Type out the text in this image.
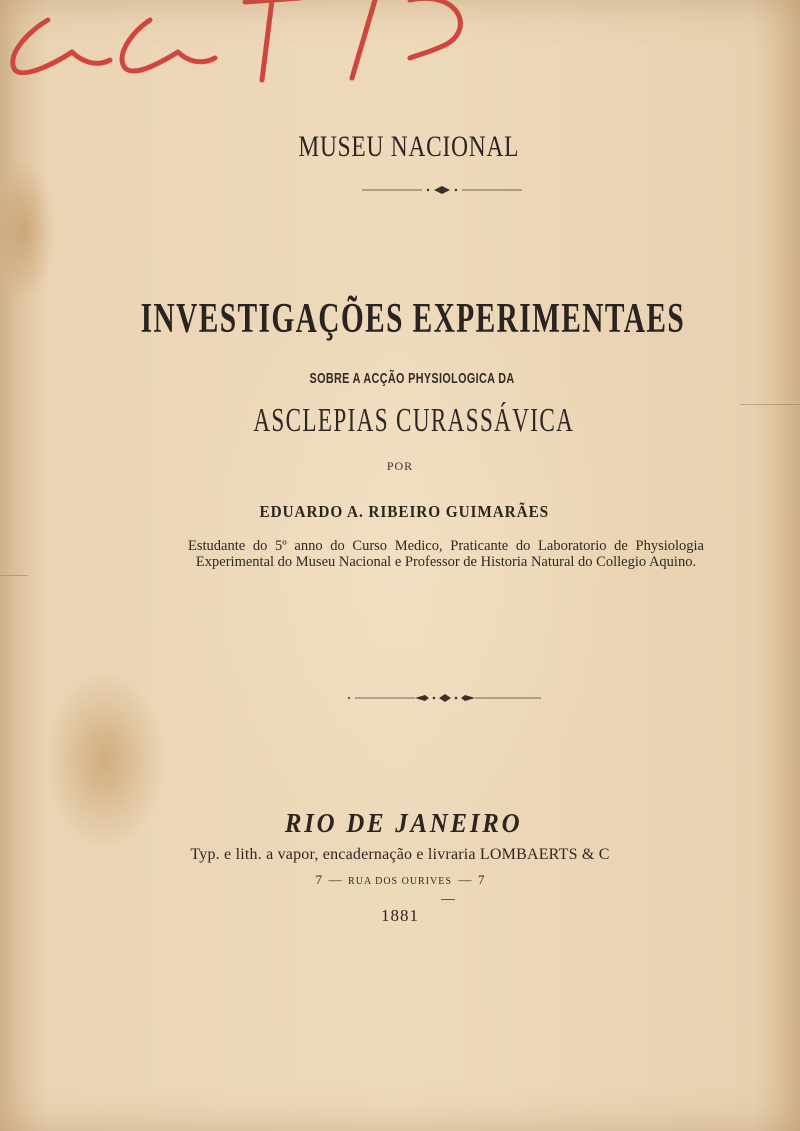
MUSEU NACIONAL
INVESTIGAÇÕES EXPERIMENTAES
SOBRE A ACÇÃO PHYSIOLOGICA DA
ASCLEPIAS CURASSÁVICA
POR
EDUARDO A. RIBEIRO GUIMARÃES

Estudante do 5º anno do Curso Medico, Praticante do Laboratorio de Physiologia Experimental do Museu Nacional e Professor de Historia Natural do Collegio Aquino.

RIO DE JANEIRO
Typ. e lith. a vapor, encadernação e livraria LOMBAERTS & C
7 — RUA DOS OURIVES — 7
1881
